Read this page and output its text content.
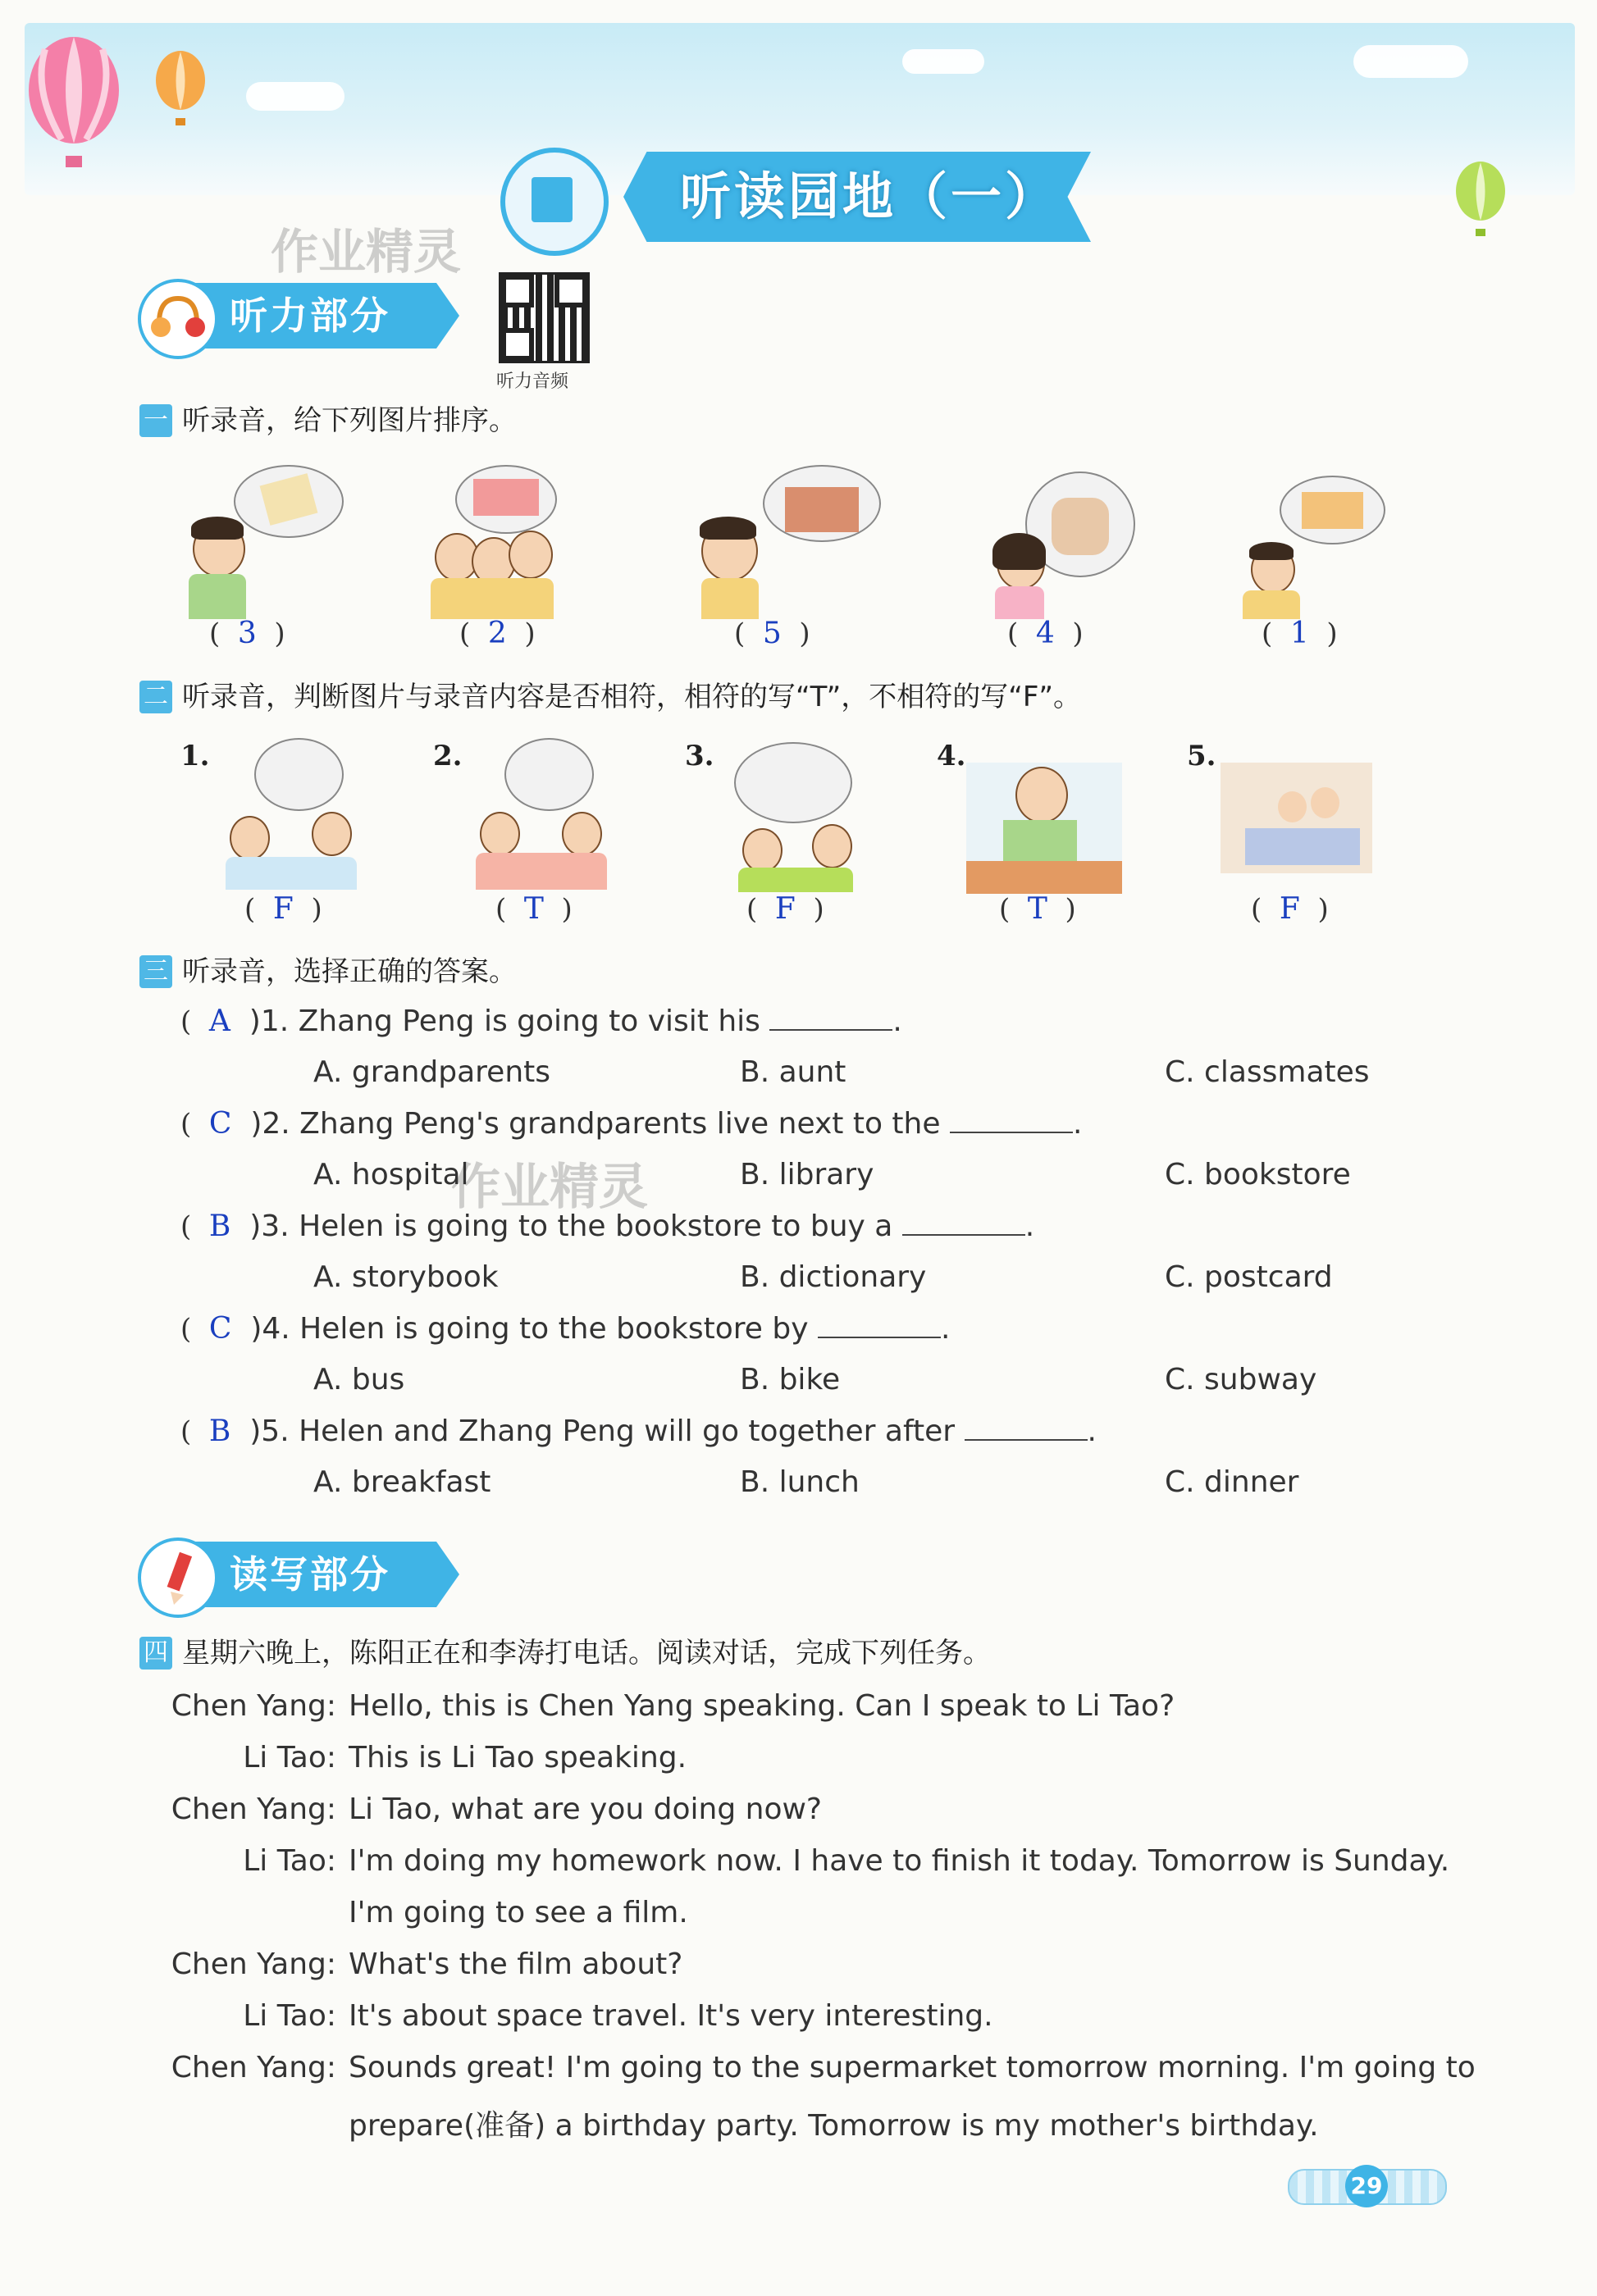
听读园地（一）
作业精灵
作业精灵
听力部分
听力音频
一 听录音，给下列图片排序。
(  3  )	(  2  )	(  5  )	(  4  )	(  1  )
二 听录音，判断图片与录音内容是否相符，相符的写“T”，不相符的写“F”。
1.	2.	3.	4.	5.
(  F  )	(  T  )	(  F  )	(  T  )	(  F  )
三 听录音，选择正确的答案。
(  A )1. Zhang Peng is going to visit his	.
A. grandparents	B. aunt	C. classmates
(  C )2. Zhang Peng's grandparents live next to the	.
A. hospital	B. library	C. bookstore
(  B )3. Helen is going to the bookstore to buy a	.
A. storybook	B. dictionary	C. postcard
(  C )4. Helen is going to the bookstore by	.
A. bus	B. bike	C. subway
(  B )5. Helen and Zhang Peng will go together after	.
A. breakfast	B. lunch	C. dinner
读写部分
四 星期六晚上，陈阳正在和李涛打电话。阅读对话，完成下列任务。
Chen Yang: Hello, this is Chen Yang speaking. Can I speak to Li Tao?
Li Tao: This is Li Tao speaking.
Chen Yang: Li Tao, what are you doing now?
Li Tao: I'm doing my homework now. I have to finish it today. Tomorrow is Sunday.
I'm going to see a film.
Chen Yang: What's the film about?
Li Tao: It's about space travel. It's very interesting.
Chen Yang: Sounds great! I'm going to the supermarket tomorrow morning. I'm going to
prepare(准备) a birthday party. Tomorrow is my mother's birthday.
29
